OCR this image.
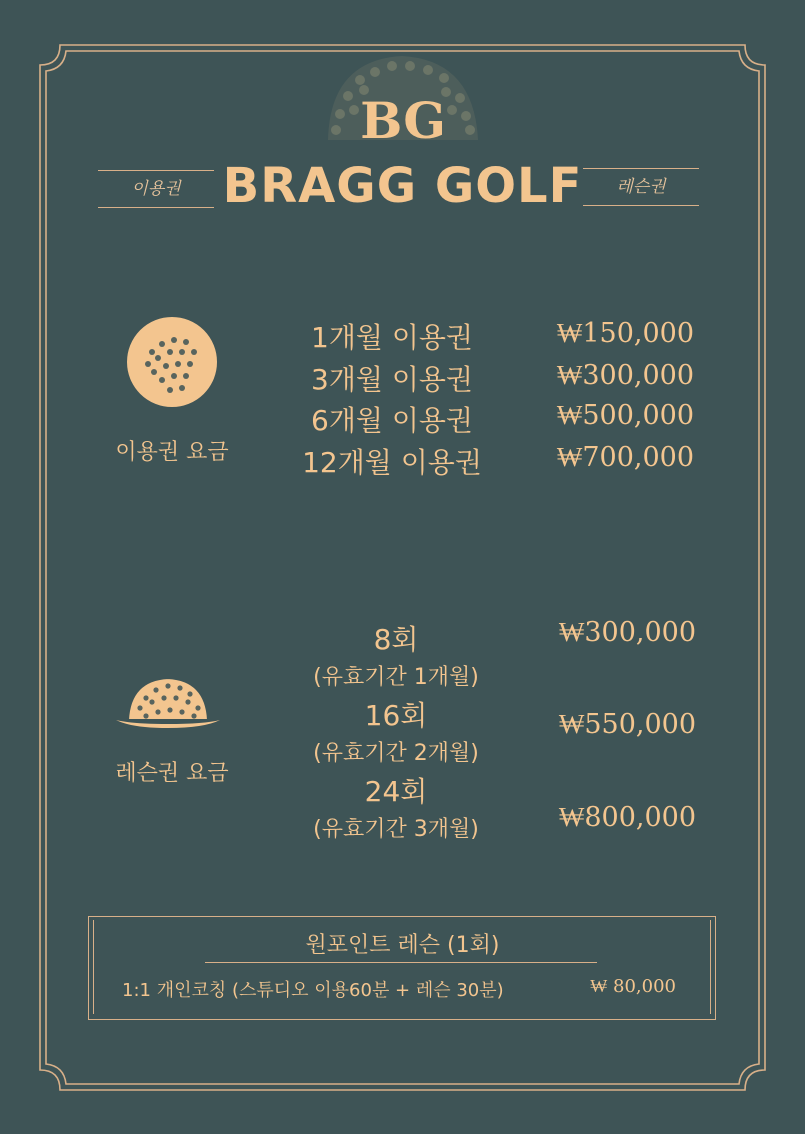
BG
BRAGG GOLF
이용권	레슨권
이용권 요금
1개월 이용권
3개월 이용권
6개월 이용권
12개월 이용권
₩150,000
₩300,000
₩500,000
₩700,000
레슨권 요금
8회
(유효기간 1개월)
16회
(유효기간 2개월)
24회
(유효기간 3개월)
₩300,000
₩550,000
₩800,000
원포인트 레슨 (1회)
1:1 개인코칭 (스튜디오 이용60분 + 레슨 30분)	₩ 80,000
